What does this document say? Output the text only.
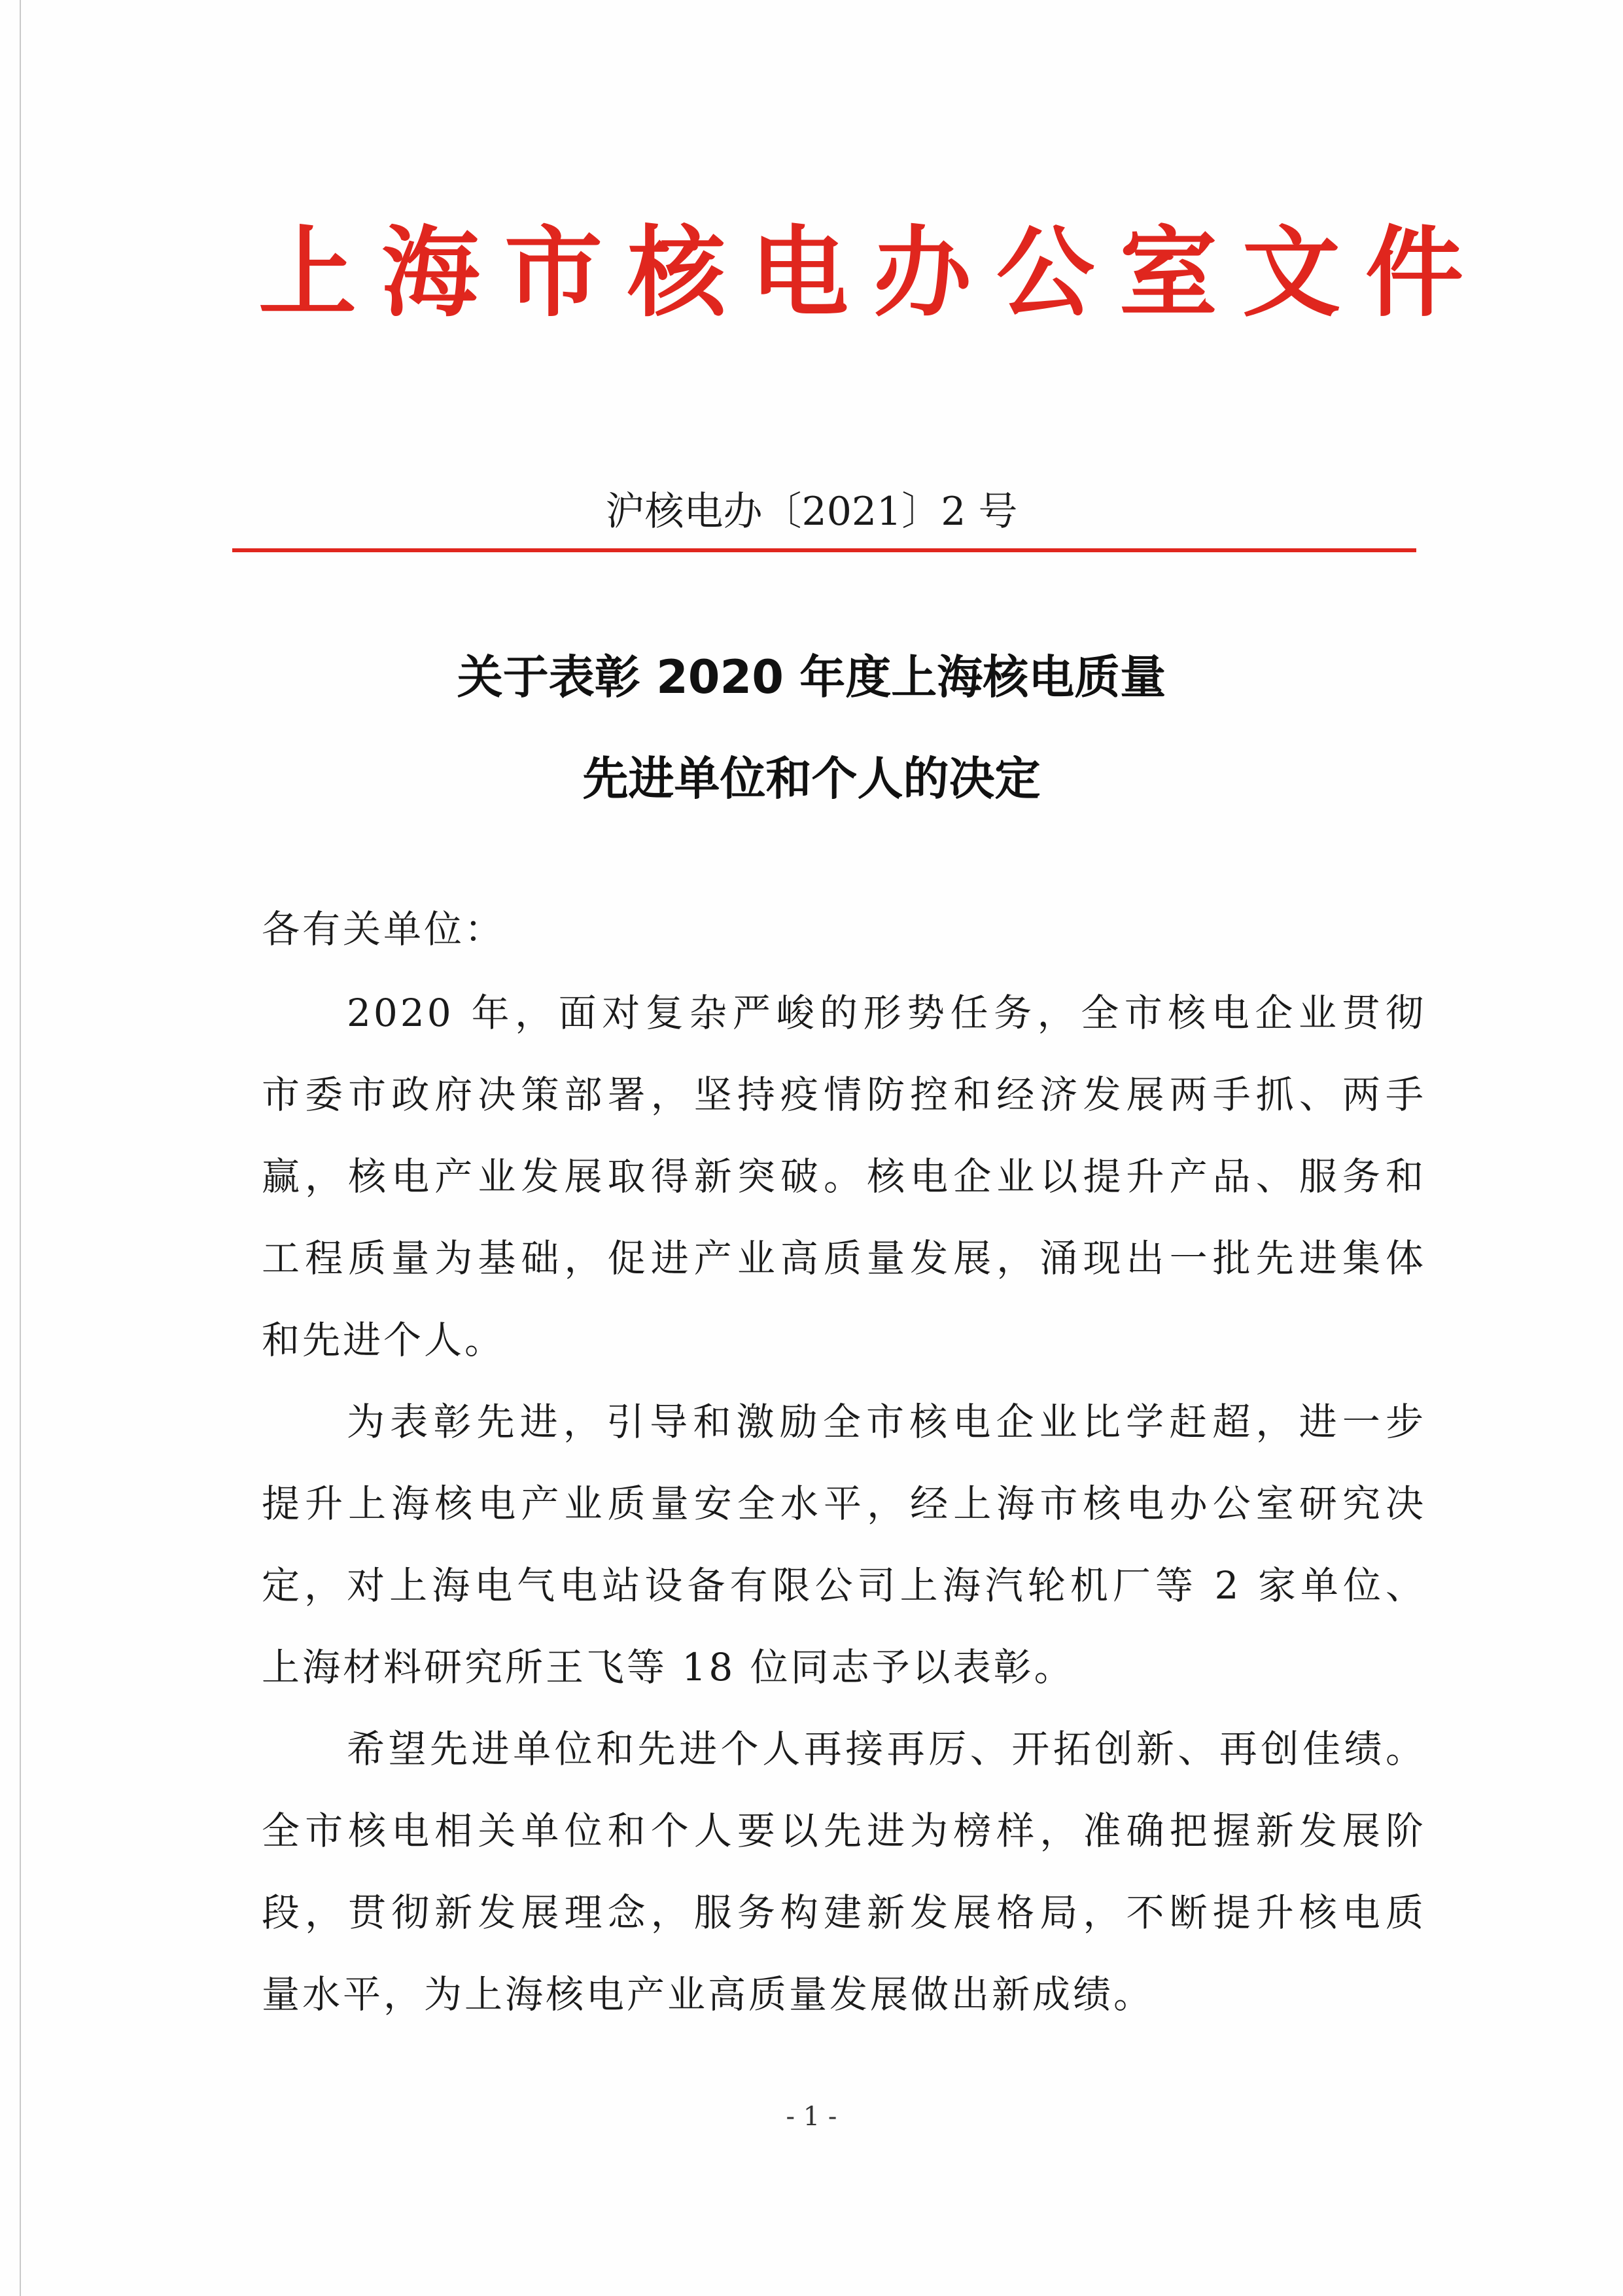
上海市核电办公室文件
沪核电办〔2021〕2 号
关于表彰 2020 年度上海核电质量
先进单位和个人的决定
各有关单位：
2020 年，面对复杂严峻的形势任务，全市核电企业贯彻
市委市政府决策部署，坚持疫情防控和经济发展两手抓、两手
赢，核电产业发展取得新突破。核电企业以提升产品、服务和
工程质量为基础，促进产业高质量发展，涌现出一批先进集体
和先进个人。
为表彰先进，引导和激励全市核电企业比学赶超，进一步
提升上海核电产业质量安全水平，经上海市核电办公室研究决
定，对上海电气电站设备有限公司上海汽轮机厂等 2 家单位、
上海材料研究所王飞等 18 位同志予以表彰。
希望先进单位和先进个人再接再厉、开拓创新、再创佳绩。
全市核电相关单位和个人要以先进为榜样，准确把握新发展阶
段，贯彻新发展理念，服务构建新发展格局，不断提升核电质
量水平，为上海核电产业高质量发展做出新成绩。
- 1 -
